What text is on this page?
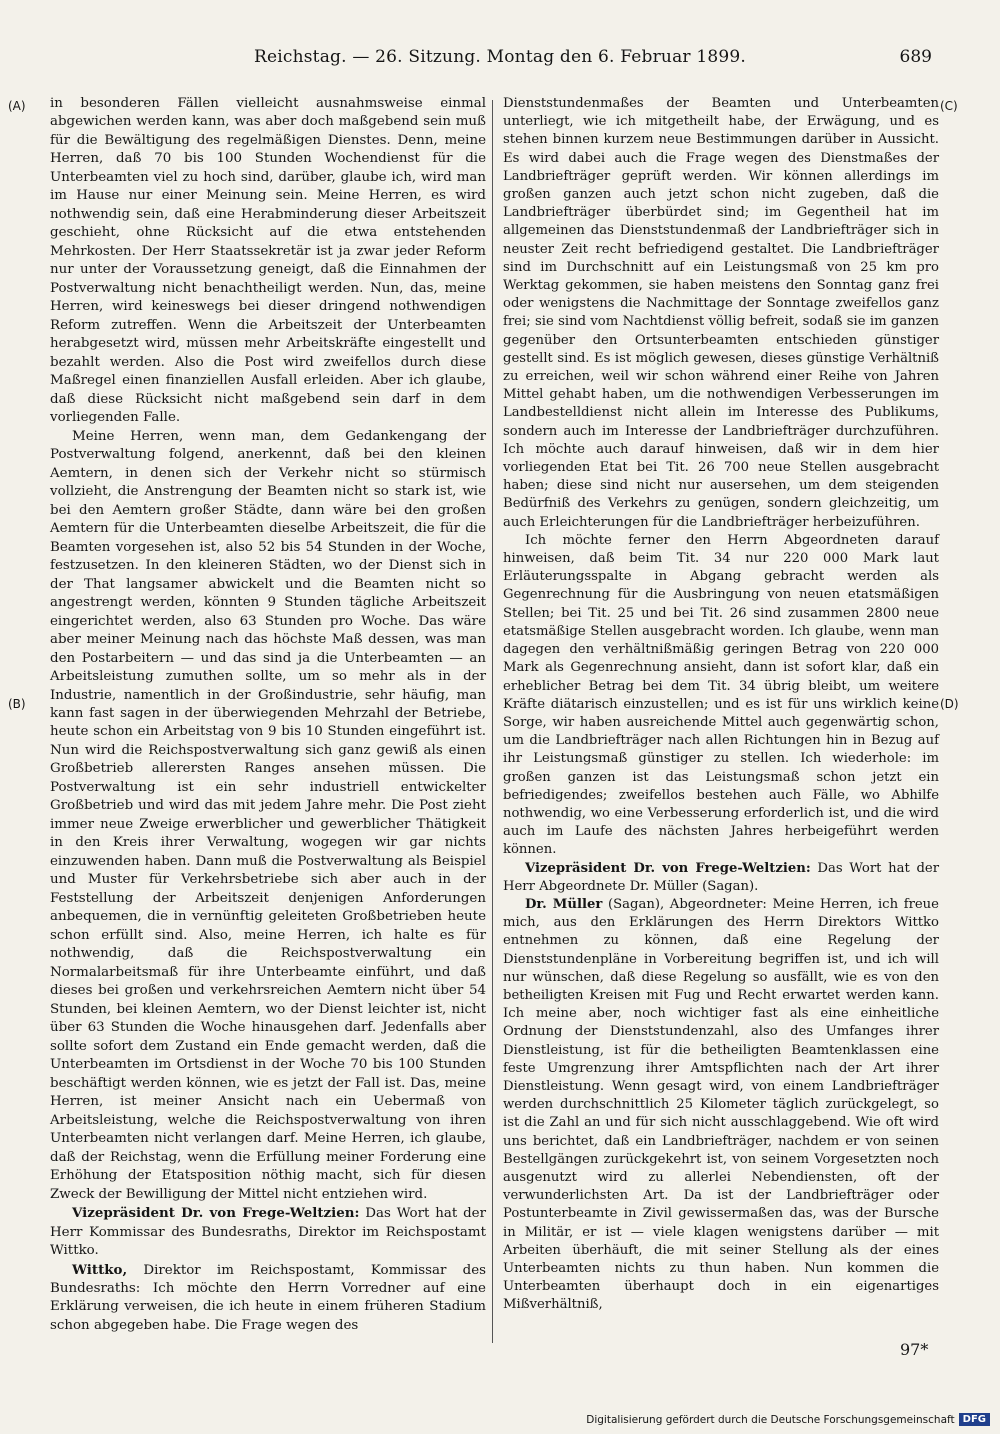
Reichstag. — 26. Sitzung. Montag den 6. Februar 1899.	689
(A)
(B)
(C)
(D)

in besonderen Fällen vielleicht ausnahmsweise einmal abgewichen werden kann, was aber doch maßgebend sein muß für die Bewältigung des regelmäßigen Dienstes. Denn, meine Herren, daß 70 bis 100 Stunden Wochendienst für die Unterbeamten viel zu hoch sind, darüber, glaube ich, wird man im Hause nur einer Meinung sein. Meine Herren, es wird nothwendig sein, daß eine Herabminderung dieser Arbeitszeit geschieht, ohne Rücksicht auf die etwa entstehenden Mehrkosten. Der Herr Staatssekretär ist ja zwar jeder Reform nur unter der Voraussetzung geneigt, daß die Einnahmen der Postverwaltung nicht benachtheiligt werden. Nun, das, meine Herren, wird keineswegs bei dieser dringend nothwendigen Reform zutreffen. Wenn die Arbeitszeit der Unterbeamten herabgesetzt wird, müssen mehr Arbeitskräfte eingestellt und bezahlt werden. Also die Post wird zweifellos durch diese Maßregel einen finanziellen Ausfall erleiden. Aber ich glaube, daß diese Rücksicht nicht maßgebend sein darf in dem vorliegenden Falle.

Meine Herren, wenn man, dem Gedankengang der Postverwaltung folgend, anerkennt, daß bei den kleinen Aemtern, in denen sich der Verkehr nicht so stürmisch vollzieht, die Anstrengung der Beamten nicht so stark ist, wie bei den Aemtern großer Städte, dann wäre bei den großen Aemtern für die Unterbeamten dieselbe Arbeitszeit, die für die Beamten vorgesehen ist, also 52 bis 54 Stunden in der Woche, festzusetzen. In den kleineren Städten, wo der Dienst sich in der That langsamer abwickelt und die Beamten nicht so angestrengt werden, könnten 9 Stunden tägliche Arbeitszeit eingerichtet werden, also 63 Stunden pro Woche. Das wäre aber meiner Meinung nach das höchste Maß dessen, was man den Postarbeitern — und das sind ja die Unterbeamten — an Arbeitsleistung zumuthen sollte, um so mehr als in der Industrie, namentlich in der Großindustrie, sehr häufig, man kann fast sagen in der überwiegenden Mehrzahl der Betriebe, heute schon ein Arbeitstag von 9 bis 10 Stunden eingeführt ist. Nun wird die Reichspostverwaltung sich ganz gewiß als einen Großbetrieb allerersten Ranges ansehen müssen. Die Postverwaltung ist ein sehr industriell entwickelter Großbetrieb und wird das mit jedem Jahre mehr. Die Post zieht immer neue Zweige erwerblicher und gewerblicher Thätigkeit in den Kreis ihrer Verwaltung, wogegen wir gar nichts einzuwenden haben. Dann muß die Postverwaltung als Beispiel und Muster für Verkehrsbetriebe sich aber auch in der Feststellung der Arbeitszeit denjenigen Anforderungen anbequemen, die in vernünftig geleiteten Großbetrieben heute schon erfüllt sind. Also, meine Herren, ich halte es für nothwendig, daß die Reichspostverwaltung ein Normalarbeitsmaß für ihre Unterbeamte einführt, und daß dieses bei großen und verkehrsreichen Aemtern nicht über 54 Stunden, bei kleinen Aemtern, wo der Dienst leichter ist, nicht über 63 Stunden die Woche hinausgehen darf. Jedenfalls aber sollte sofort dem Zustand ein Ende gemacht werden, daß die Unterbeamten im Ortsdienst in der Woche 70 bis 100 Stunden beschäftigt werden können, wie es jetzt der Fall ist. Das, meine Herren, ist meiner Ansicht nach ein Uebermaß von Arbeitsleistung, welche die Reichspostverwaltung von ihren Unterbeamten nicht verlangen darf. Meine Herren, ich glaube, daß der Reichstag, wenn die Erfüllung meiner Forderung eine Erhöhung der Etatsposition nöthig macht, sich für diesen Zweck der Bewilligung der Mittel nicht entziehen wird.

Vizepräsident Dr. von Frege-Weltzien: Das Wort hat der Herr Kommissar des Bundesraths, Direktor im Reichspostamt Wittko.

Wittko, Direktor im Reichspostamt, Kommissar des Bundesraths: Ich möchte den Herrn Vorredner auf eine Erklärung verweisen, die ich heute in einem früheren Stadium schon abgegeben habe. Die Frage wegen des

Dienststundenmaßes der Beamten und Unterbeamten unterliegt, wie ich mitgetheilt habe, der Erwägung, und es stehen binnen kurzem neue Bestimmungen darüber in Aussicht. Es wird dabei auch die Frage wegen des Dienstmaßes der Landbriefträger geprüft werden. Wir können allerdings im großen ganzen auch jetzt schon nicht zugeben, daß die Landbriefträger überbürdet sind; im Gegentheil hat im allgemeinen das Dienststundenmaß der Landbriefträger sich in neuster Zeit recht befriedigend gestaltet. Die Landbriefträger sind im Durchschnitt auf ein Leistungsmaß von 25 km pro Werktag gekommen, sie haben meistens den Sonntag ganz frei oder wenigstens die Nachmittage der Sonntage zweifellos ganz frei; sie sind vom Nachtdienst völlig befreit, sodaß sie im ganzen gegenüber den Ortsunterbeamten entschieden günstiger gestellt sind. Es ist möglich gewesen, dieses günstige Verhältniß zu erreichen, weil wir schon während einer Reihe von Jahren Mittel gehabt haben, um die nothwendigen Verbesserungen im Landbestelldienst nicht allein im Interesse des Publikums, sondern auch im Interesse der Landbriefträger durchzuführen. Ich möchte auch darauf hinweisen, daß wir in dem hier vorliegenden Etat bei Tit. 26 700 neue Stellen ausgebracht haben; diese sind nicht nur ausersehen, um dem steigenden Bedürfniß des Verkehrs zu genügen, sondern gleichzeitig, um auch Erleichterungen für die Landbriefträger herbeizuführen.

Ich möchte ferner den Herrn Abgeordneten darauf hinweisen, daß beim Tit. 34 nur 220 000 Mark laut Erläuterungsspalte in Abgang gebracht werden als Gegenrechnung für die Ausbringung von neuen etatsmäßigen Stellen; bei Tit. 25 und bei Tit. 26 sind zusammen 2800 neue etatsmäßige Stellen ausgebracht worden. Ich glaube, wenn man dagegen den verhältnißmäßig geringen Betrag von 220 000 Mark als Gegenrechnung ansieht, dann ist sofort klar, daß ein erheblicher Betrag bei dem Tit. 34 übrig bleibt, um weitere Kräfte diätarisch einzustellen; und es ist für uns wirklich keine Sorge, wir haben ausreichende Mittel auch gegenwärtig schon, um die Landbriefträger nach allen Richtungen hin in Bezug auf ihr Leistungsmaß günstiger zu stellen. Ich wiederhole: im großen ganzen ist das Leistungsmaß schon jetzt ein befriedigendes; zweifellos bestehen auch Fälle, wo Abhilfe nothwendig, wo eine Verbesserung erforderlich ist, und die wird auch im Laufe des nächsten Jahres herbeigeführt werden können.

Vizepräsident Dr. von Frege-Weltzien: Das Wort hat der Herr Abgeordnete Dr. Müller (Sagan).

Dr. Müller (Sagan), Abgeordneter: Meine Herren, ich freue mich, aus den Erklärungen des Herrn Direktors Wittko entnehmen zu können, daß eine Regelung der Dienststundenpläne in Vorbereitung begriffen ist, und ich will nur wünschen, daß diese Regelung so ausfällt, wie es von den betheiligten Kreisen mit Fug und Recht erwartet werden kann. Ich meine aber, noch wichtiger fast als eine einheitliche Ordnung der Dienststundenzahl, also des Umfanges ihrer Dienstleistung, ist für die betheiligten Beamtenklassen eine feste Umgrenzung ihrer Amtspflichten nach der Art ihrer Dienstleistung. Wenn gesagt wird, von einem Landbriefträger werden durchschnittlich 25 Kilometer täglich zurückgelegt, so ist die Zahl an und für sich nicht ausschlaggebend. Wie oft wird uns berichtet, daß ein Landbriefträger, nachdem er von seinen Bestellgängen zurückgekehrt ist, von seinem Vorgesetzten noch ausgenutzt wird zu allerlei Nebendiensten, oft der verwunderlichsten Art. Da ist der Landbriefträger oder Postunterbeamte in Zivil gewissermaßen das, was der Bursche in Militär, er ist — viele klagen wenigstens darüber — mit Arbeiten überhäuft, die mit seiner Stellung als der eines Unterbeamten nichts zu thun haben. Nun kommen die Unterbeamten überhaupt doch in ein eigenartiges Mißverhältniß,

97*
Digitalisierung gefördert durch die Deutsche Forschungsgemeinschaft DFG
